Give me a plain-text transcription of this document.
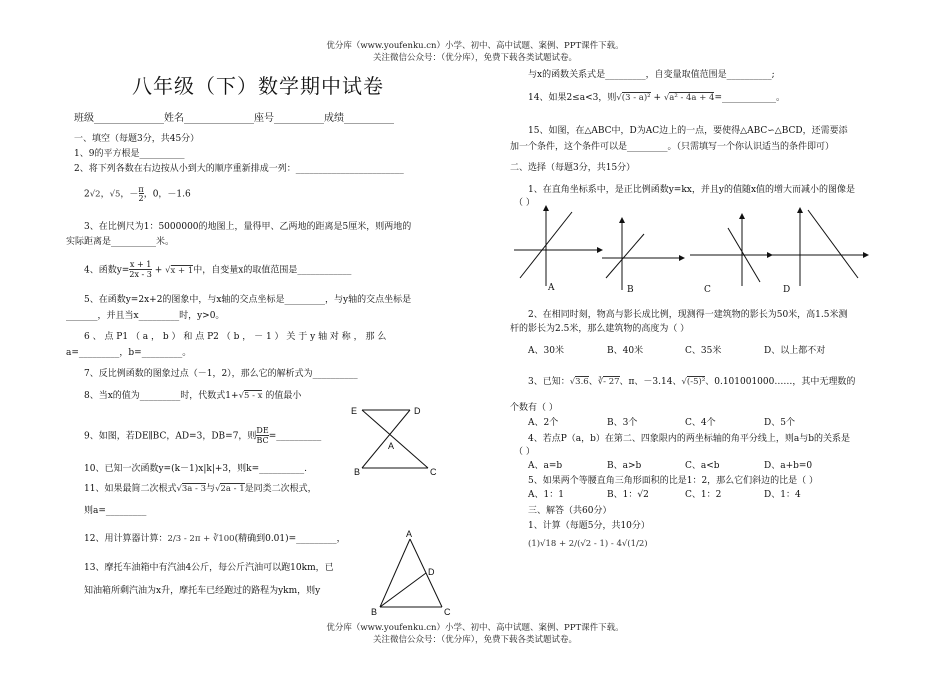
优分库（www.youfenku.cn）小学、初中、高中试题、案例、PPT课件下载。
关注微信公众号：（优分库），免费下载各类试题试卷。
八年级（下）数学期中试卷
班级______________姓名______________座号__________成绩__________
一、填空（每题3分，共45分）
1、9的平方根是__________
2、将下列各数在右边按从小到大的顺序重新排成一列：________________________
2√2，√5，$-\frac{\pi}{2}$，0，－1.6
3、在比例尺为1：5000000的地图上，量得甲、乙两地的距离是5厘米，则两地的
实际距离是__________米。
4、函数$y=\frac{x + 1}{2x - 3} + √x + 1$中，自变量x的取值范围是____________
5、在函数y=2x+2的图象中，与x轴的交点坐标是_________，与y轴的交点坐标是
_______，并且当x_________时，y>0。
6 、 点 P1 （ a ， b ） 和 点 P2 （ b ， － 1 ） 关 于 y 轴 对 称 ， 那 么
a=_________，b=_________。
7、反比例函数的图象过点（－1，2），那么它的解析式为__________
8、当x的值为_________时，代数式1+√5 - x 的值最小
9、如图，若DE∥BC，AD=3，DB=7，则$\frac{DE}{BC}=\_\_\_\_\_\_\_\_\_\_$
10、已知一次函数y=(k－1)x|k|+3，则k=__________.
11、如果最简二次根式√3a - 3与√2a - 1是同类二次根式，
则a=_________
12、用计算器计算：2/3 - 2π + ∛100(精确到0.01)=_________，
13、摩托车油箱中有汽油4公斤，每公斤汽油可以跑10km，已
知油箱所剩汽油为x升，摩托车已经跑过的路程为ykm，则y
E	D
A
B	C
A
D
B	C
与x的函数关系式是_________，自变量取值范围是__________;
14、如果2≤a<3，则√(3 - a)² + √a² - 4a + 4=____________。
15、如图，在△ABC中，D为AC边上的一点，要使得△ABC∽△BCD，还需要添
加一个条件，这个条件可以是_________。（只需填写一个你认识适当的条件即可）
二、选择（每题3分，共15分）
1、在直角坐标系中，是正比例函数y=kx，并且y的值随x值的增大而减小的图像是
（ ）
A	B	C	D
2、在相同时刻，物高与影长成比例，现测得一建筑物的影长为50米，高1.5米测
杆的影长为2.5米，那么建筑物的高度为（ ）
A、30米	B、40米	C、35米	D、以上都不对
3、已知：√3.6、∛- 27、π、－3.14、√(-5)²、0.101001000……，其中无理数的
个数有（ ）
A、2个	B、3个	C、4个	D、5个
4、若点P（a，b）在第二、四象限内的两坐标轴的角平分线上，则a与b的关系是
（ ）
A、a=b	B、a>b	C、a<b	D、a+b=0
5、如果两个等腰直角三角形面积的比是1：2，那么它们斜边的比是（ ）
A、1：1	B、1：√2	C、1：2	D、1：4
三、解答（共60分）
1、计算（每题5分，共10分）
(1)√18 + 2/(√2 - 1) - 4√(1/2)
优分库（www.youfenku.cn）小学、初中、高中试题、案例、PPT课件下载。
关注微信公众号：（优分库），免费下载各类试题试卷。
